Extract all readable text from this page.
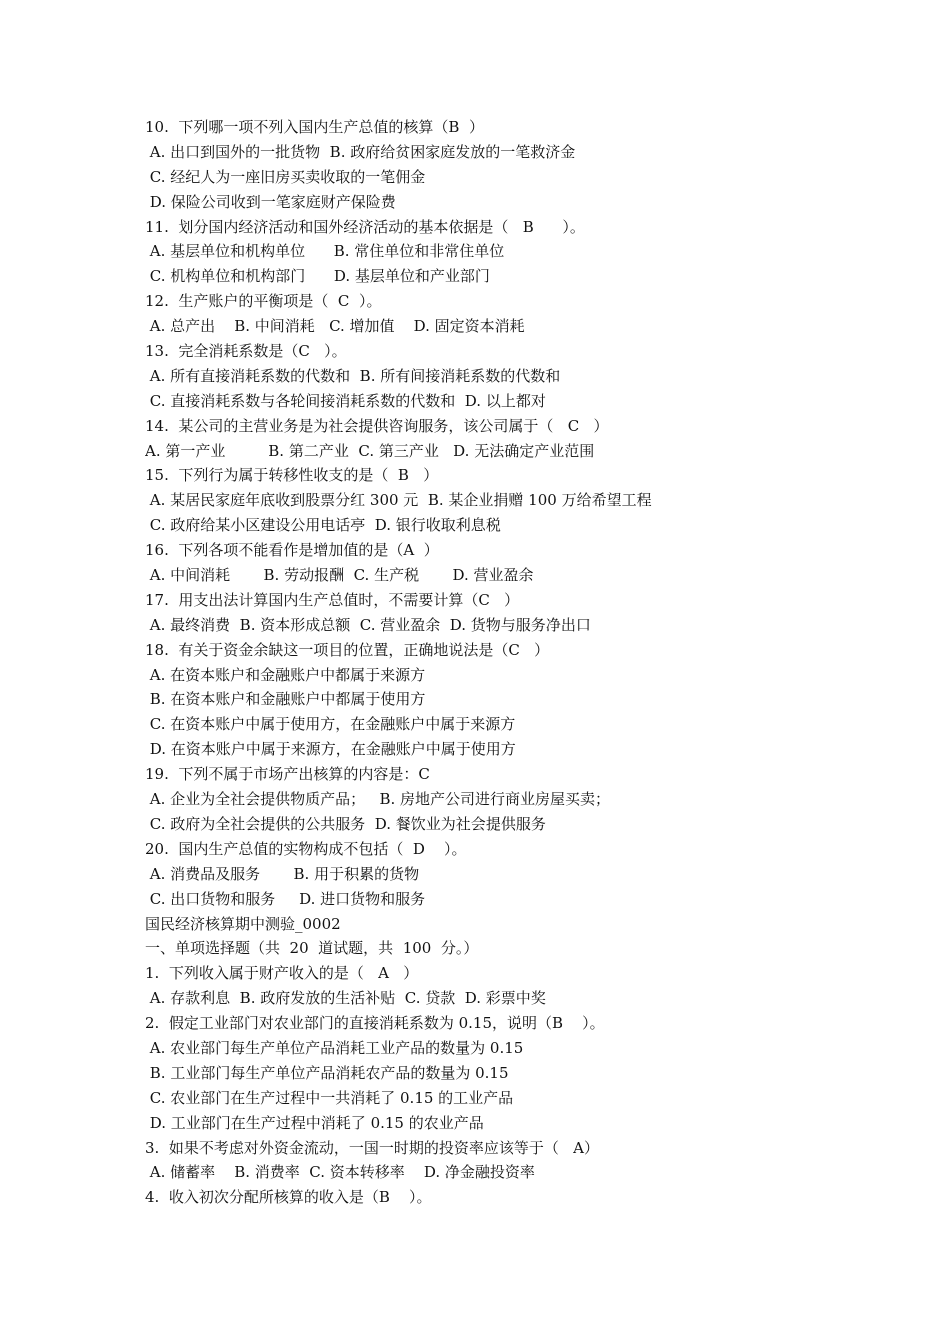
10.  下列哪一项不列入国内生产总值的核算（B  ）
A. 出口到国外的一批货物  B. 政府给贫困家庭发放的一笔救济金
C. 经纪人为一座旧房买卖收取的一笔佣金
D. 保险公司收到一笔家庭财产保险费
11.  划分国内经济活动和国外经济活动的基本依据是（   B      ）。
A. 基层单位和机构单位      B. 常住单位和非常住单位
C. 机构单位和机构部门      D. 基层单位和产业部门
12.  生产账户的平衡项是（  C  ）。
A. 总产出    B. 中间消耗   C. 增加值    D. 固定资本消耗
13.  完全消耗系数是（C   ）。
A. 所有直接消耗系数的代数和  B. 所有间接消耗系数的代数和
C. 直接消耗系数与各轮间接消耗系数的代数和  D. 以上都对
14.  某公司的主营业务是为社会提供咨询服务，该公司属于（   C   ）
A. 第一产业         B. 第二产业  C. 第三产业   D. 无法确定产业范围
15.  下列行为属于转移性收支的是（  B   ）
A. 某居民家庭年底收到股票分红 300 元  B. 某企业捐赠 100 万给希望工程
C. 政府给某小区建设公用电话亭  D. 银行收取利息税
16.  下列各项不能看作是增加值的是（A  ）
A. 中间消耗       B. 劳动报酬  C. 生产税       D. 营业盈余
17.  用支出法计算国内生产总值时，不需要计算（C   ）
A. 最终消费  B. 资本形成总额  C. 营业盈余  D. 货物与服务净出口
18.  有关于资金余缺这一项目的位置，正确地说法是（C   ）
A. 在资本账户和金融账户中都属于来源方
B. 在资本账户和金融账户中都属于使用方
C. 在资本账户中属于使用方，在金融账户中属于来源方
D. 在资本账户中属于来源方，在金融账户中属于使用方
19.  下列不属于市场产出核算的内容是：C
A. 企业为全社会提供物质产品；   B. 房地产公司进行商业房屋买卖；
C. 政府为全社会提供的公共服务  D. 餐饮业为社会提供服务
20.  国内生产总值的实物构成不包括（  D    ）。
A. 消费品及服务       B. 用于积累的货物
C. 出口货物和服务     D. 进口货物和服务
国民经济核算期中测验_0002
一、单项选择题（共  20  道试题，共  100  分。）
1.  下列收入属于财产收入的是（   A   ）
A. 存款利息  B. 政府发放的生活补贴  C. 贷款  D. 彩票中奖
2.  假定工业部门对农业部门的直接消耗系数为 0.15，说明（B    ）。
A. 农业部门每生产单位产品消耗工业产品的数量为 0.15
B. 工业部门每生产单位产品消耗农产品的数量为 0.15
C. 农业部门在生产过程中一共消耗了 0.15 的工业产品
D. 工业部门在生产过程中消耗了 0.15 的农业产品
3.  如果不考虑对外资金流动，一国一时期的投资率应该等于（   A）
A. 储蓄率    B. 消费率  C. 资本转移率    D. 净金融投资率
4.  收入初次分配所核算的收入是（B    ）。
